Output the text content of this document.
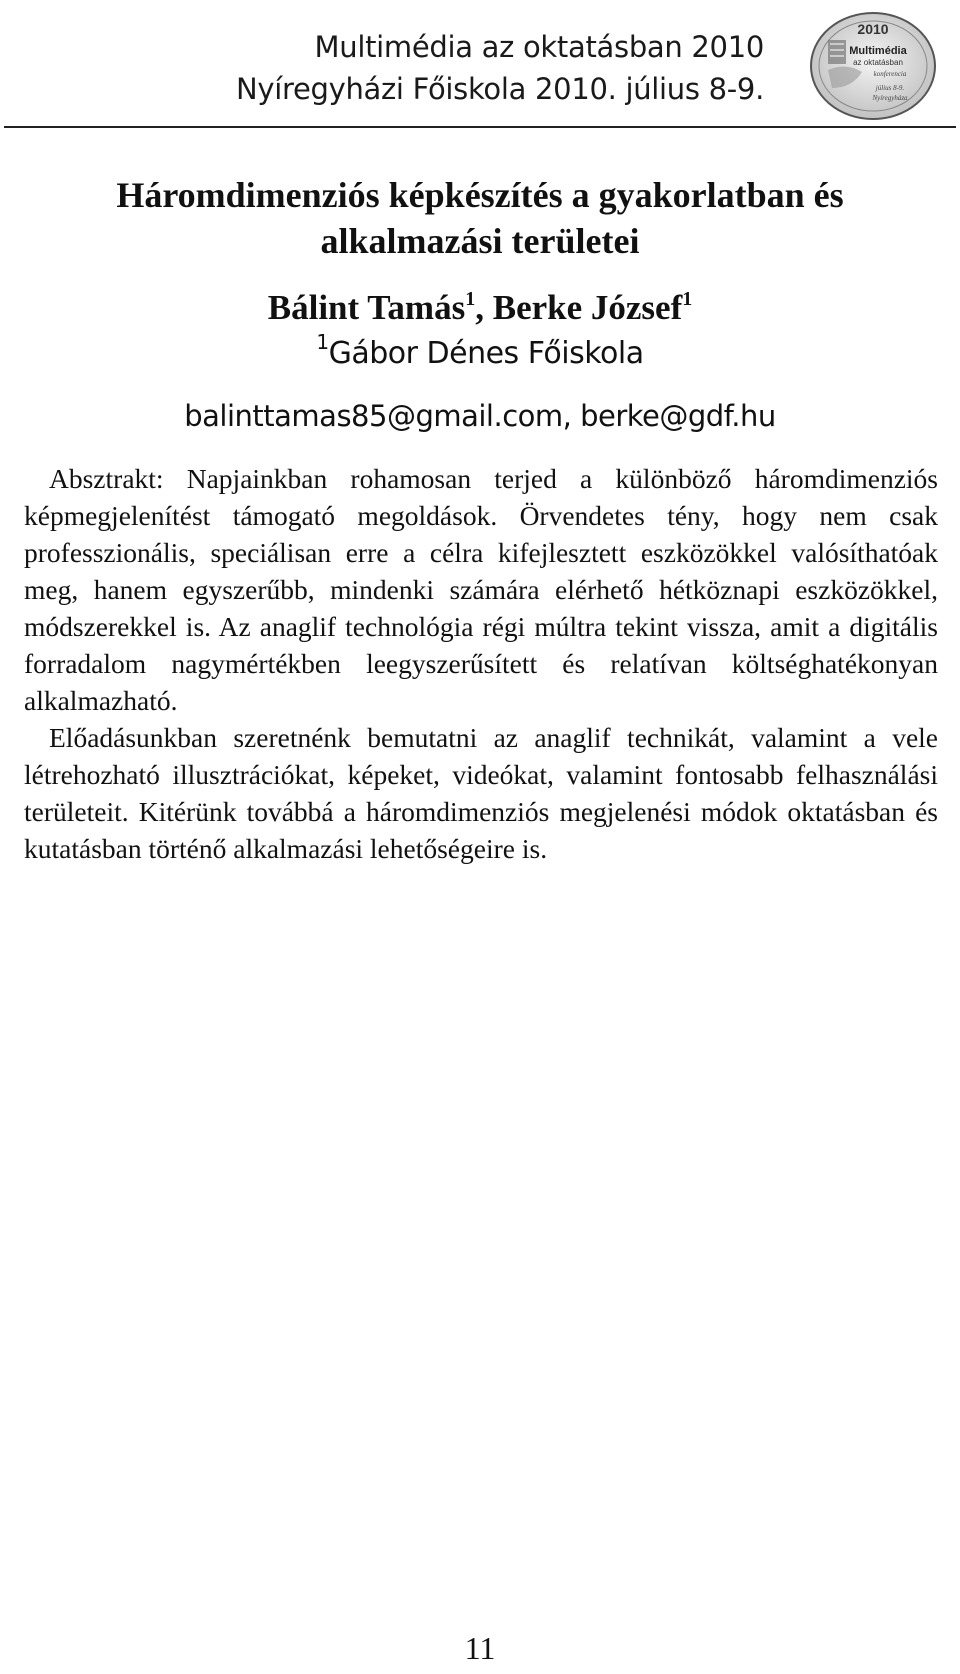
Multimédia az oktatásban 2010
Nyíregyházi Főiskola 2010. július 8-9.
2010
Multimédia
az oktatásban
konferencia
július 8-9.
Nyíregyháza
Háromdimenziós képkészítés a gyakorlatban és
alkalmazási területei
Bálint Tamás$^1$, Berke József$^1$
$^1$Gábor Dénes Főiskola
balinttamas85@gmail.com, berke@gdf.hu

Absztrakt: Napjainkban rohamosan terjed a különböző háromdimenziós képmegjelenítést támogató megoldások. Örvendetes tény, hogy nem csak professzionális, speciálisan erre a célra kifejlesztett eszközökkel valósíthatóak meg, hanem egyszerűbb, mindenki számára elérhető hétköznapi eszközökkel, módszerekkel is. Az anaglif technológia régi múltra tekint vissza, amit a digitális forradalom nagymértékben leegyszerűsített és relatívan költséghatékonyan alkalmazható.

Előadásunkban szeretnénk bemutatni az anaglif technikát, valamint a vele létrehozható illusztrációkat, képeket, videókat, valamint fontosabb felhasználási területeit. Kitérünk továbbá a háromdimenziós megjelenési módok oktatásban és kutatásban történő alkalmazási lehetőségeire is.

11
